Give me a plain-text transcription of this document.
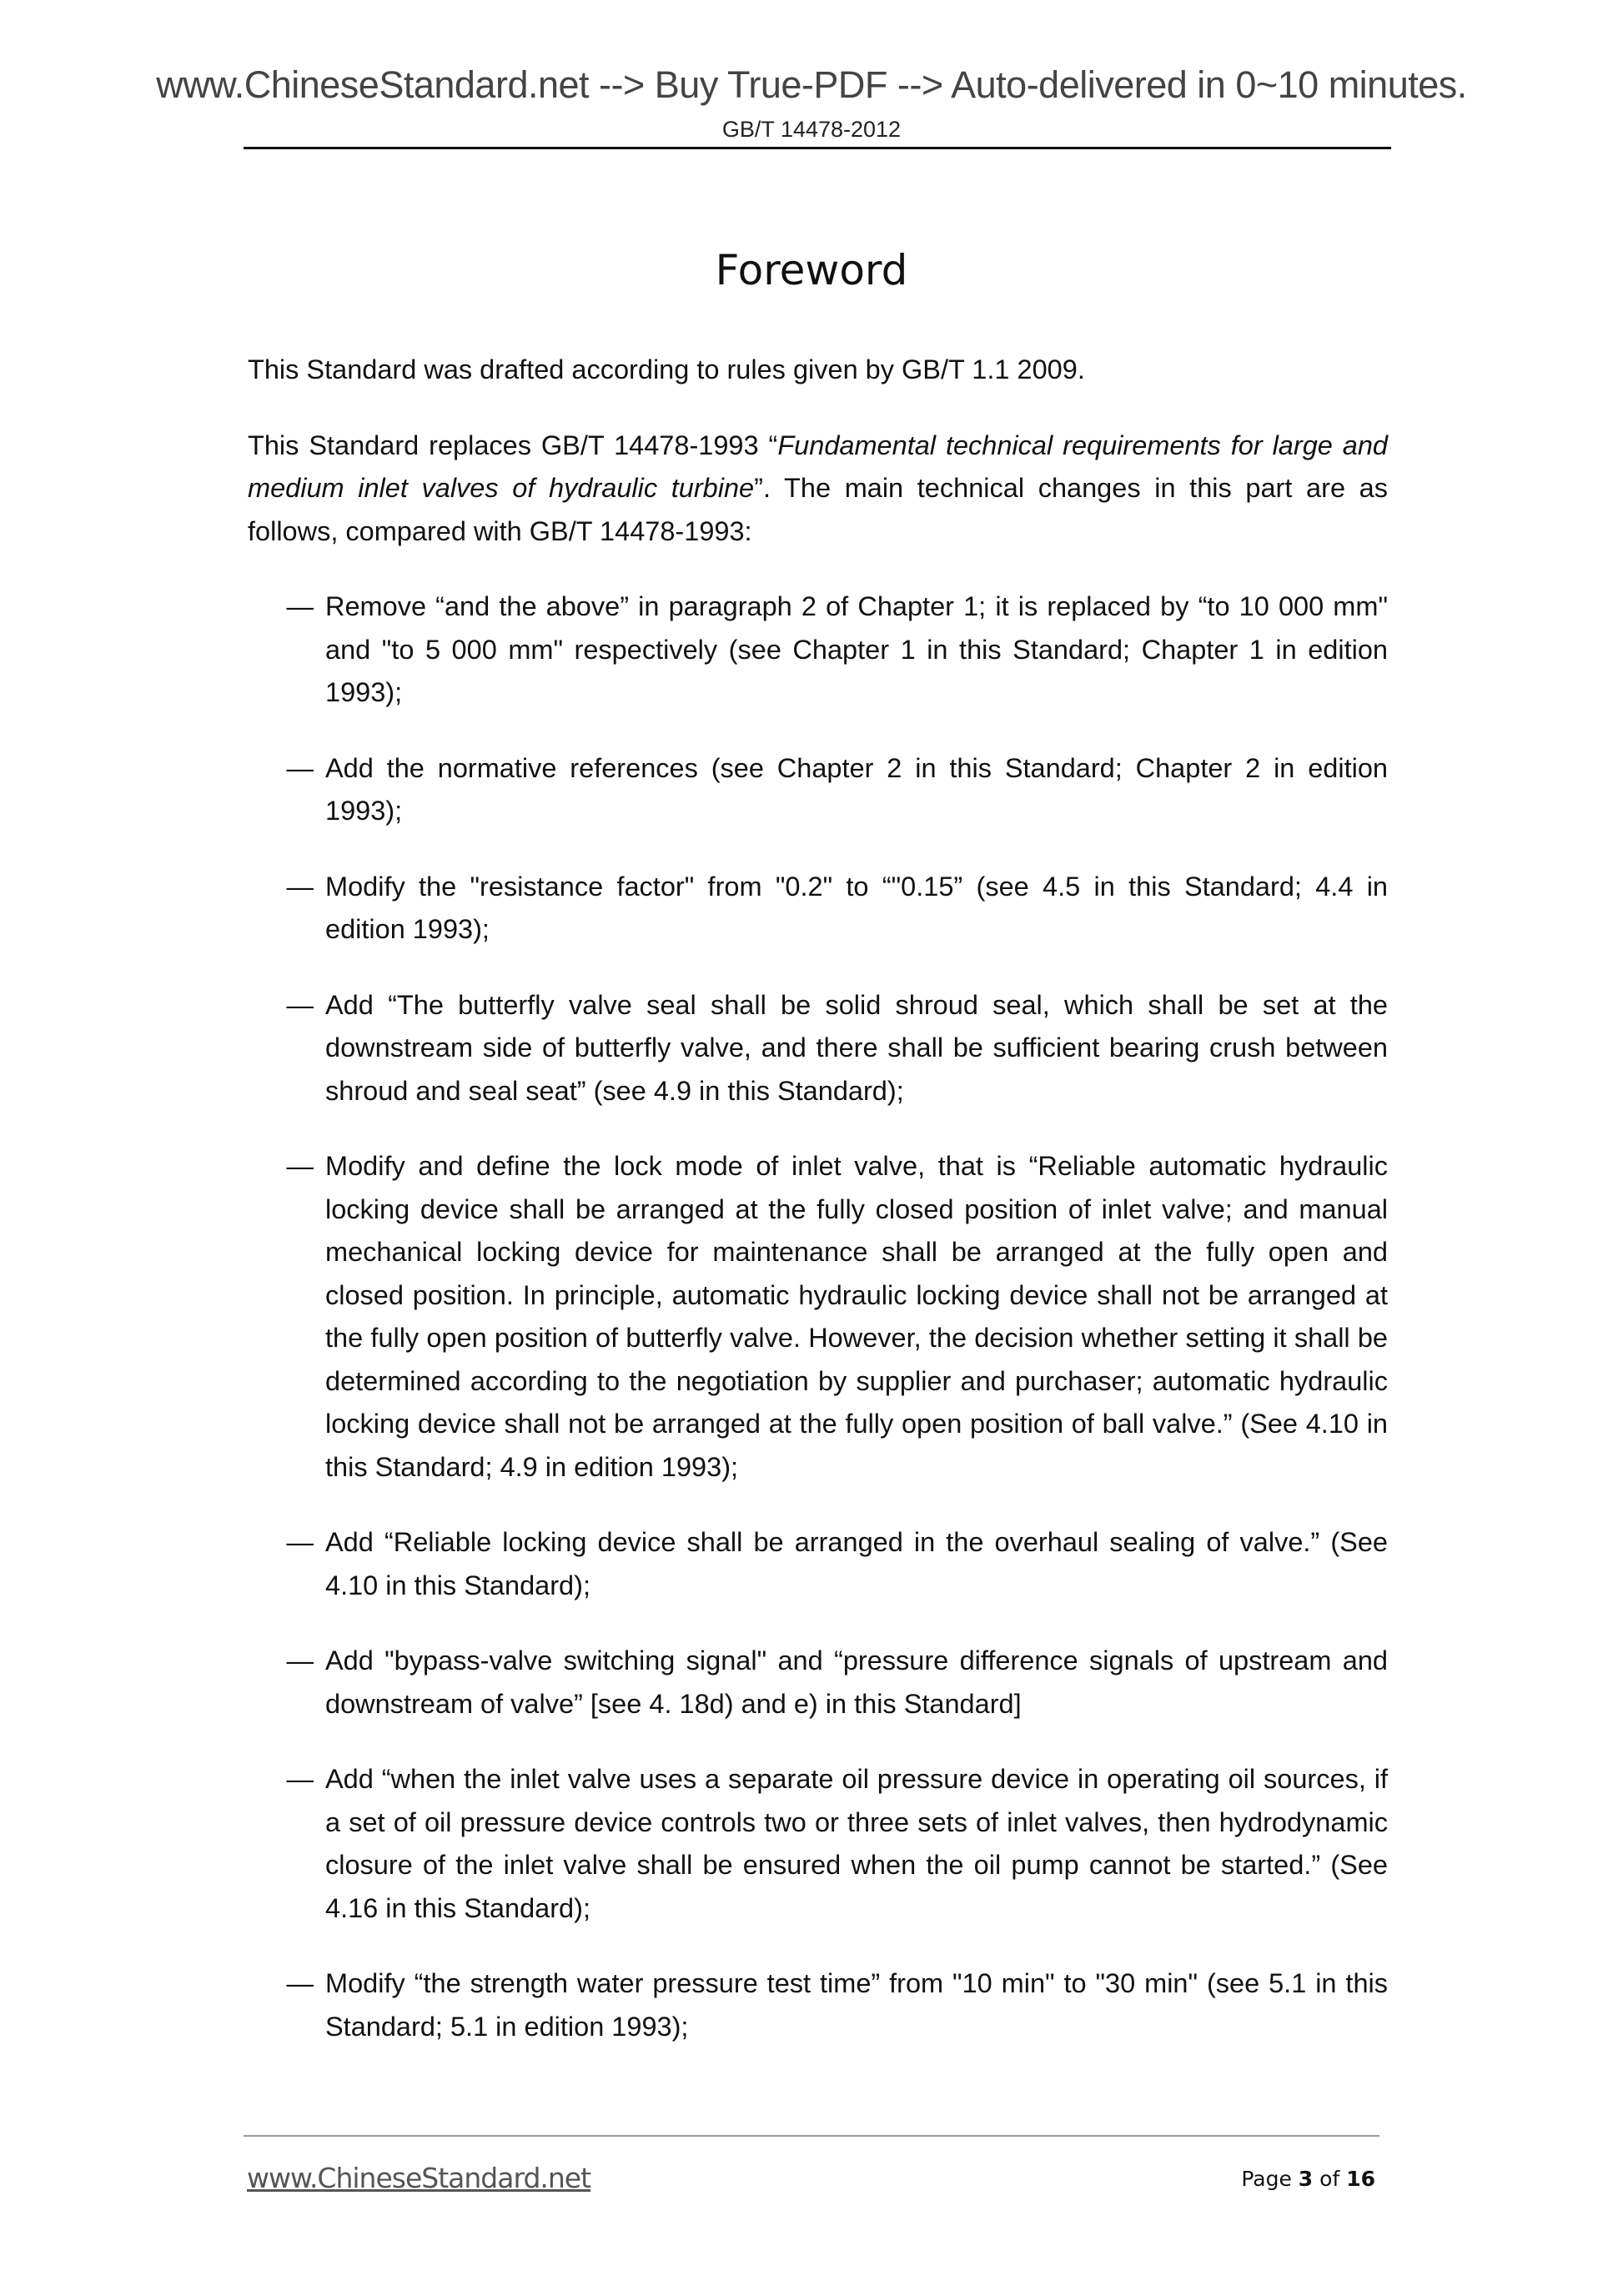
www.ChineseStandard.net --> Buy True-PDF --> Auto-delivered in 0~10 minutes.
GB/T 14478-2012
Foreword

This Standard was drafted according to rules given by GB/T 1.1 2009.

This Standard replaces GB/T 14478-1993 “Fundamental technical requirements for large and medium inlet valves of hydraulic turbine”. The main technical changes in this part are as follows, compared with GB/T 14478-1993:

— Remove “and the above” in paragraph 2 of Chapter 1; it is replaced by “to 10 000 mm" and "to 5 000 mm" respectively (see Chapter 1 in this Standard; Chapter 1 in edition 1993);
— Add the normative references (see Chapter 2 in this Standard; Chapter 2 in edition 1993);
— Modify the "resistance factor" from "0.2" to “"0.15” (see 4.5 in this Standard; 4.4 in edition 1993);
— Add “The butterfly valve seal shall be solid shroud seal, which shall be set at the downstream side of butterfly valve, and there shall be sufficient bearing crush between shroud and seal seat” (see 4.9 in this Standard);
— Modify and define the lock mode of inlet valve, that is “Reliable automatic hydraulic locking device shall be arranged at the fully closed position of inlet valve; and manual mechanical locking device for maintenance shall be arranged at the fully open and closed position. In principle, automatic hydraulic locking device shall not be arranged at the fully open position of butterfly valve. However, the decision whether setting it shall be determined according to the negotiation by supplier and purchaser; automatic hydraulic locking device shall not be arranged at the fully open position of ball valve.” (See 4.10 in this Standard; 4.9 in edition 1993);
— Add “Reliable locking device shall be arranged in the overhaul sealing of valve.” (See 4.10 in this Standard);
— Add "bypass-valve switching signal" and “pressure difference signals of upstream and downstream of valve” [see 4. 18d) and e) in this Standard]
— Add “when the inlet valve uses a separate oil pressure device in operating oil sources, if a set of oil pressure device controls two or three sets of inlet valves, then hydrodynamic closure of the inlet valve shall be ensured when the oil pump cannot be started.” (See 4.16 in this Standard);
— Modify “the strength water pressure test time” from "10 min" to "30 min" (see 5.1 in this Standard; 5.1 in edition 1993);
www.ChineseStandard.net	Page 3 of 16
